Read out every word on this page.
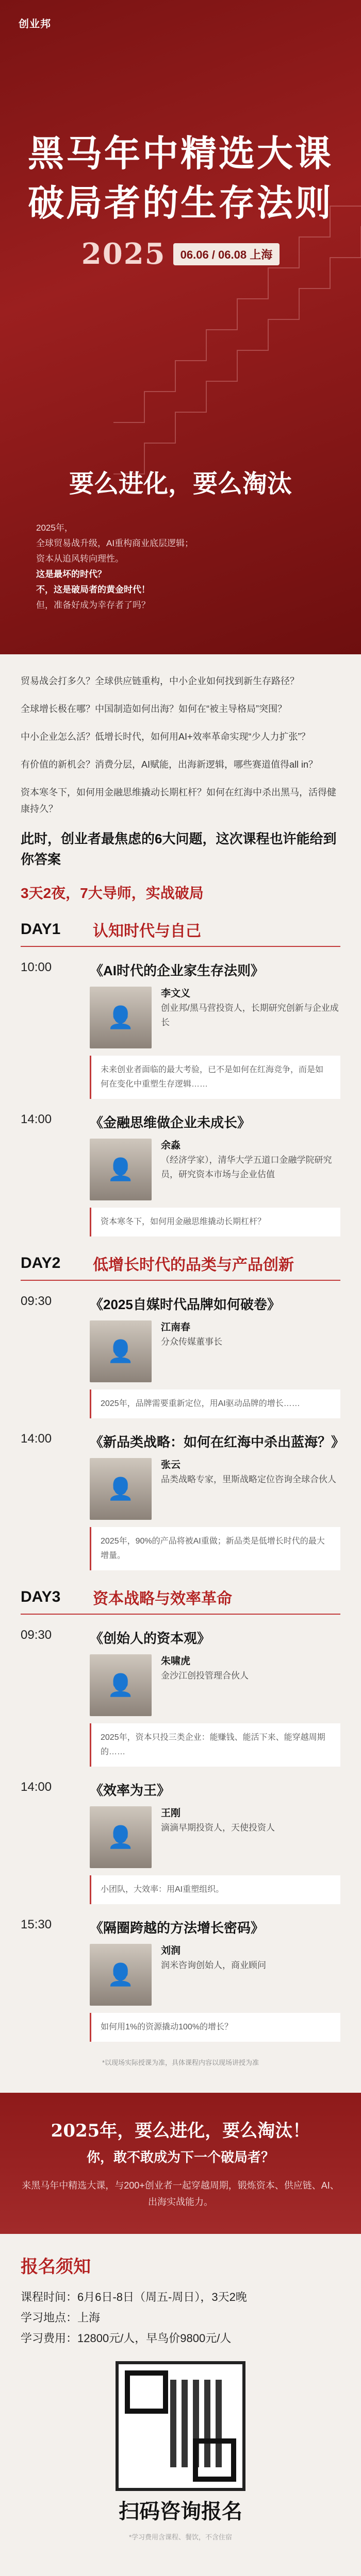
创业邦
黑马年中精选大课
破局者的生存法则
2025	06.06 / 06.08 上海
要么进化，要么淘汰
2025年，
全球贸易战升级，AI重构商业底层逻辑；
资本从追风转向理性。
这是最坏的时代？
不，这是破局者的黄金时代！
但，准备好成为幸存者了吗？

贸易战会打多久？全球供应链重构，中小企业如何找到新生存路径？

全球增长极在哪？中国制造如何出海？如何在“被主导格局”突围？

中小企业怎么活？低增长时代，如何用AI+效率革命实现“少人力扩张”？

有价值的新机会？消费分层，AI赋能，出海新逻辑，哪些赛道值得all in？

资本寒冬下，如何用金融思维撬动长期杠杆？如何在红海中杀出黑马，活得健康持久？

此时，创业者最焦虑的6大问题，这次课程也许能给到你答案
3天2夜，7大导师，实战破局
DAY1	认知时代与自己
10:00	《AI时代的企业家生存法则》
👤
李文义
创业邦/黑马营投资人，长期研究创新与企业成长
未来创业者面临的最大考验，已不是如何在红海竞争，而是如何在变化中重塑生存逻辑……
14:00	《金融思维做企业未成长》
👤
余淼
（经济学家），清华大学五道口金融学院研究员，研究资本市场与企业估值
资本寒冬下，如何用金融思维撬动长期杠杆？
DAY2	低增长时代的品类与产品创新
09:30	《2025自媒时代品牌如何破卷》
👤
江南春
分众传媒董事长
2025年，品牌需要重新定位，用AI驱动品牌的增长……
14:00	《新品类战略：如何在红海中杀出蓝海？》
👤
张云
品类战略专家，里斯战略定位咨询全球合伙人
2025年，90%的产品将被AI重做；新品类是低增长时代的最大增量。
DAY3	资本战略与效率革命
09:30	《创始人的资本观》
👤
朱啸虎
金沙江创投管理合伙人
2025年，资本只投三类企业：能赚钱、能活下来、能穿越周期的……
14:00	《效率为王》
👤
王刚
滴滴早期投资人，天使投资人
小团队，大效率：用AI重塑组织。
15:30	《隔圈跨越的方法增长密码》
👤
刘润
润米咨询创始人，商业顾问
如何用1%的资源撬动100%的增长？
*以现场实际授课为准，具体课程内容以现场讲授为准
2025年，要么进化，要么淘汰！
你，敢不敢成为下一个破局者？

来黑马年中精选大课，与200+创业者一起穿越周期，锻炼资本、供应链、AI、出海实战能力。

报名须知
课程时间：6月6日-8日（周五-周日），3天2晚
学习地点：上海
学习费用：12800元/人，早鸟价9800元/人
扫码咨询报名
*学习费用含课程、餐饮，不含住宿
